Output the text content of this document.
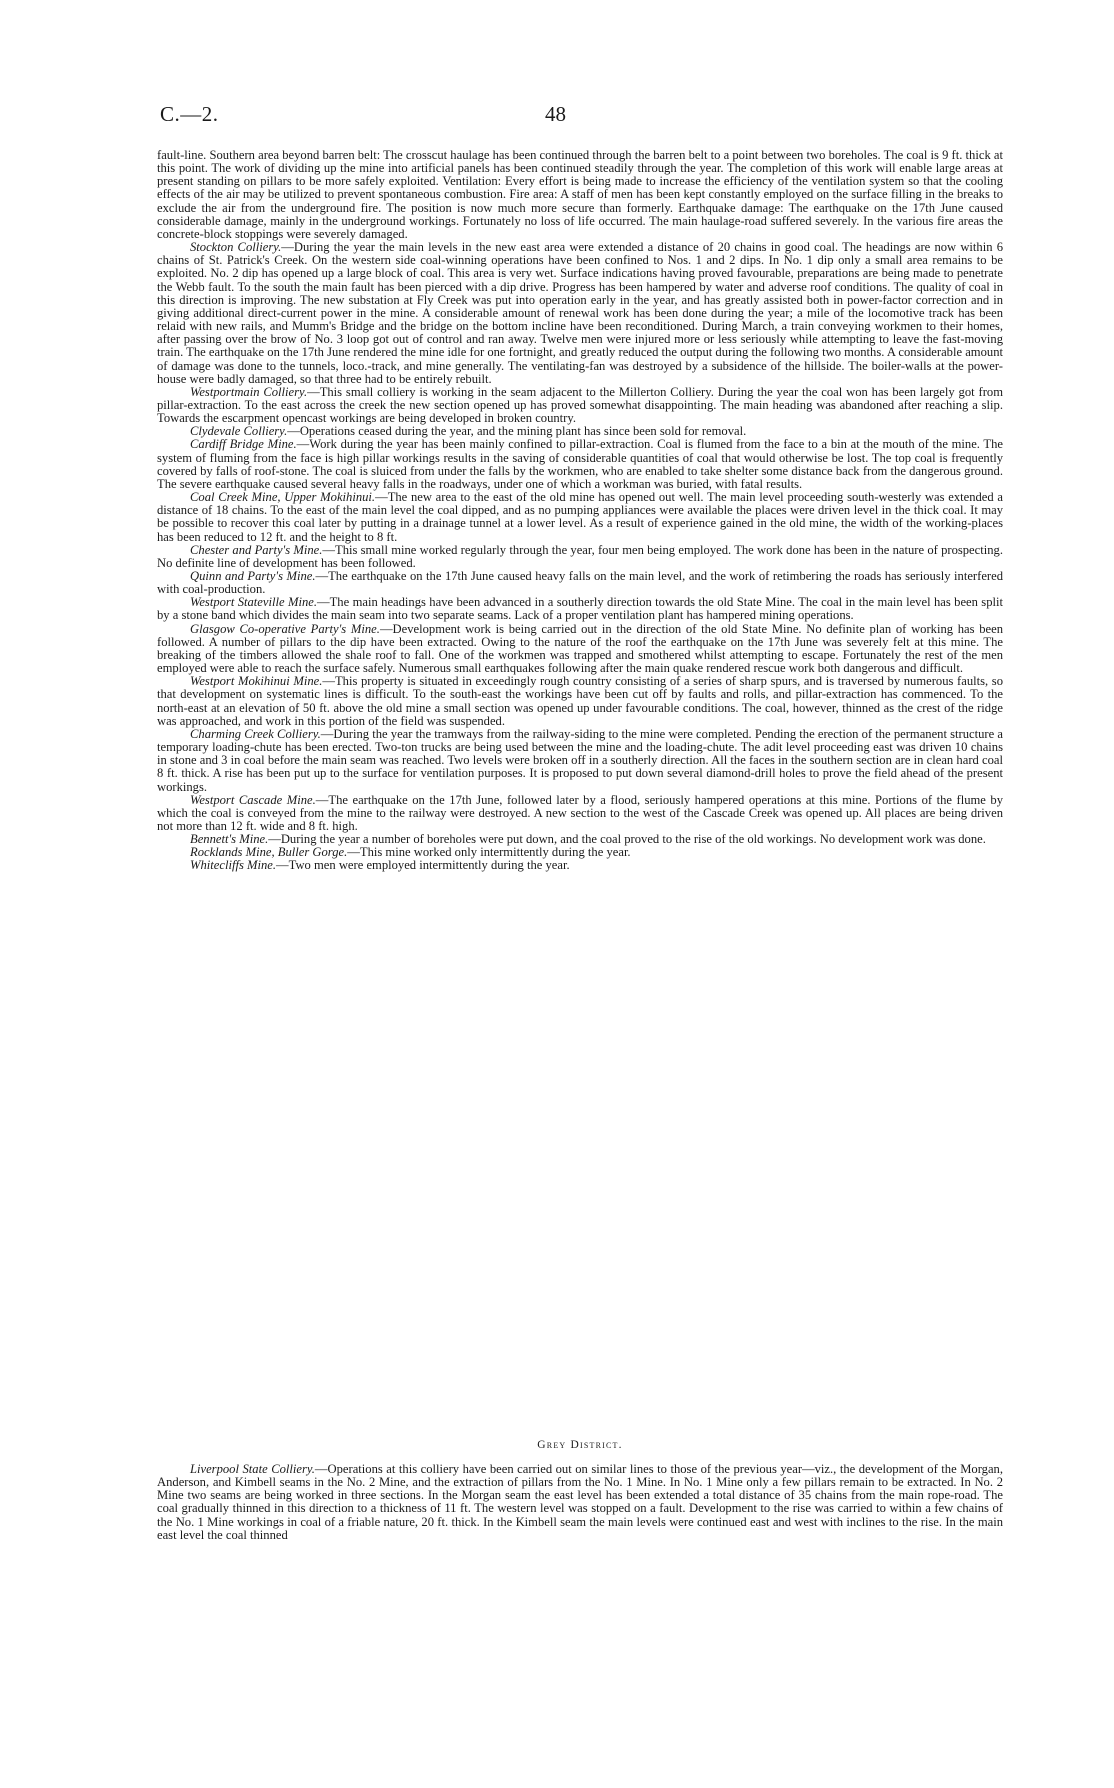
C.—2.	48

fault-line. Southern area beyond barren belt: The crosscut haulage has been continued through the barren belt to a point between two boreholes. The coal is 9 ft. thick at this point. The work of dividing up the mine into artificial panels has been continued steadily through the year. The completion of this work will enable large areas at present standing on pillars to be more safely exploited. Ventilation: Every effort is being made to increase the efficiency of the ventilation system so that the cooling effects of the air may be utilized to prevent spontaneous combustion. Fire area: A staff of men has been kept constantly employed on the surface filling in the breaks to exclude the air from the underground fire. The position is now much more secure than formerly. Earthquake damage: The earthquake on the 17th June caused considerable damage, mainly in the underground workings. Fortunately no loss of life occurred. The main haulage-road suffered severely. In the various fire areas the concrete-block stoppings were severely damaged.

Stockton Colliery.—During the year the main levels in the new east area were extended a distance of 20 chains in good coal. The headings are now within 6 chains of St. Patrick's Creek. On the western side coal-winning operations have been confined to Nos. 1 and 2 dips. In No. 1 dip only a small area remains to be exploited. No. 2 dip has opened up a large block of coal. This area is very wet. Surface indications having proved favourable, preparations are being made to penetrate the Webb fault. To the south the main fault has been pierced with a dip drive. Progress has been hampered by water and adverse roof conditions. The quality of coal in this direction is improving. The new substation at Fly Creek was put into operation early in the year, and has greatly assisted both in power-factor correction and in giving additional direct-current power in the mine. A considerable amount of renewal work has been done during the year; a mile of the locomotive track has been relaid with new rails, and Mumm's Bridge and the bridge on the bottom incline have been reconditioned. During March, a train conveying workmen to their homes, after passing over the brow of No. 3 loop got out of control and ran away. Twelve men were injured more or less seriously while attempting to leave the fast-moving train. The earthquake on the 17th June rendered the mine idle for one fortnight, and greatly reduced the output during the following two months. A considerable amount of damage was done to the tunnels, loco.-track, and mine generally. The ventilating-fan was destroyed by a subsidence of the hillside. The boiler-walls at the power-house were badly damaged, so that three had to be entirely rebuilt.

Westportmain Colliery.—This small colliery is working in the seam adjacent to the Millerton Colliery. During the year the coal won has been largely got from pillar-extraction. To the east across the creek the new section opened up has proved somewhat disappointing. The main heading was abandoned after reaching a slip. Towards the escarpment opencast workings are being developed in broken country.

Clydevale Colliery.—Operations ceased during the year, and the mining plant has since been sold for removal.

Cardiff Bridge Mine.—Work during the year has been mainly confined to pillar-extraction. Coal is flumed from the face to a bin at the mouth of the mine. The system of fluming from the face is high pillar workings results in the saving of considerable quantities of coal that would otherwise be lost. The top coal is frequently covered by falls of roof-stone. The coal is sluiced from under the falls by the workmen, who are enabled to take shelter some distance back from the dangerous ground. The severe earthquake caused several heavy falls in the roadways, under one of which a workman was buried, with fatal results.

Coal Creek Mine, Upper Mokihinui.—The new area to the east of the old mine has opened out well. The main level proceeding south-westerly was extended a distance of 18 chains. To the east of the main level the coal dipped, and as no pumping appliances were available the places were driven level in the thick coal. It may be possible to recover this coal later by putting in a drainage tunnel at a lower level. As a result of experience gained in the old mine, the width of the working-places has been reduced to 12 ft. and the height to 8 ft.

Chester and Party's Mine.—This small mine worked regularly through the year, four men being employed. The work done has been in the nature of prospecting. No definite line of development has been followed.

Quinn and Party's Mine.—The earthquake on the 17th June caused heavy falls on the main level, and the work of retimbering the roads has seriously interfered with coal-production.

Westport Stateville Mine.—The main headings have been advanced in a southerly direction towards the old State Mine. The coal in the main level has been split by a stone band which divides the main seam into two separate seams. Lack of a proper ventilation plant has hampered mining operations.

Glasgow Co-operative Party's Mine.—Development work is being carried out in the direction of the old State Mine. No definite plan of working has been followed. A number of pillars to the dip have been extracted. Owing to the nature of the roof the earthquake on the 17th June was severely felt at this mine. The breaking of the timbers allowed the shale roof to fall. One of the workmen was trapped and smothered whilst attempting to escape. Fortunately the rest of the men employed were able to reach the surface safely. Numerous small earthquakes following after the main quake rendered rescue work both dangerous and difficult.

Westport Mokihinui Mine.—This property is situated in exceedingly rough country consisting of a series of sharp spurs, and is traversed by numerous faults, so that development on systematic lines is difficult. To the south-east the workings have been cut off by faults and rolls, and pillar-extraction has commenced. To the north-east at an elevation of 50 ft. above the old mine a small section was opened up under favourable conditions. The coal, however, thinned as the crest of the ridge was approached, and work in this portion of the field was suspended.

Charming Creek Colliery.—During the year the tramways from the railway-siding to the mine were completed. Pending the erection of the permanent structure a temporary loading-chute has been erected. Two-ton trucks are being used between the mine and the loading-chute. The adit level proceeding east was driven 10 chains in stone and 3 in coal before the main seam was reached. Two levels were broken off in a southerly direction. All the faces in the southern section are in clean hard coal 8 ft. thick. A rise has been put up to the surface for ventilation purposes. It is proposed to put down several diamond-drill holes to prove the field ahead of the present workings.

Westport Cascade Mine.—The earthquake on the 17th June, followed later by a flood, seriously hampered operations at this mine. Portions of the flume by which the coal is conveyed from the mine to the railway were destroyed. A new section to the west of the Cascade Creek was opened up. All places are being driven not more than 12 ft. wide and 8 ft. high.

Bennett's Mine.—During the year a number of boreholes were put down, and the coal proved to the rise of the old workings. No development work was done.

Rocklands Mine, Buller Gorge.—This mine worked only intermittently during the year.

Whitecliffs Mine.—Two men were employed intermittently during the year.

Grey District.

Liverpool State Colliery.—Operations at this colliery have been carried out on similar lines to those of the previous year—viz., the development of the Morgan, Anderson, and Kimbell seams in the No. 2 Mine, and the extraction of pillars from the No. 1 Mine. In No. 1 Mine only a few pillars remain to be extracted. In No. 2 Mine two seams are being worked in three sections. In the Morgan seam the east level has been extended a total distance of 35 chains from the main rope-road. The coal gradually thinned in this direction to a thickness of 11 ft. The western level was stopped on a fault. Development to the rise was carried to within a few chains of the No. 1 Mine workings in coal of a friable nature, 20 ft. thick. In the Kimbell seam the main levels were continued east and west with inclines to the rise. In the main east level the coal thinned
